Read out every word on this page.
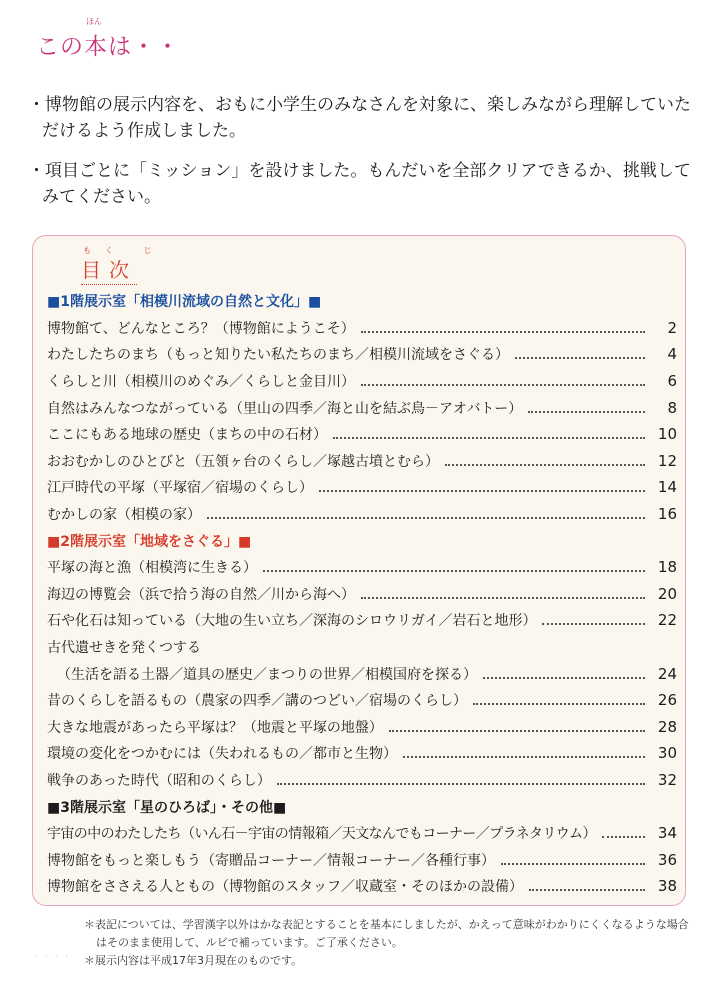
ほん
この本は・・

・博物館の展示内容を、おもに小学生のみなさんを対象に、楽しみながら理解していただけるよう作成しました。

・項目ごとに「ミッション」を設けました。もんだいを全部クリアできるか、挑戦してみてください。

もく じ
目次
■1階展示室「相模川流域の自然と文化」■
博物館て、どんなところ？（博物館にようこそ）	2
わたしたちのまち（もっと知りたい私たちのまち／相模川流域をさぐる）	4
くらしと川（相模川のめぐみ／くらしと金目川）	6
自然はみんなつながっている（里山の四季／海と山を結ぶ鳥－アオバトー）	8
ここにもある地球の歴史（まちの中の石材）	10
おおむかしのひとびと（五領ヶ台のくらし／塚越古墳とむら）	12
江戸時代の平塚（平塚宿／宿場のくらし）	14
むかしの家（相模の家）	16
■2階展示室「地域をさぐる」■
平塚の海と漁（相模湾に生きる）	18
海辺の博覧会（浜で拾う海の自然／川から海へ）	20
石や化石は知っている（大地の生い立ち／深海のシロウリガイ／岩石と地形）	22
古代遺せきを発くつする
（生活を語る土器／道具の歴史／まつりの世界／相模国府を探る）	24
昔のくらしを語るもの（農家の四季／講のつどい／宿場のくらし）	26
大きな地震があったら平塚は？（地震と平塚の地盤）	28
環境の変化をつかむには（失われるもの／都市と生物）	30
戦争のあった時代（昭和のくらし）	32
■3階展示室「星のひろば」・その他■
宇宙の中のわたしたち（いん石－宇宙の情報箱／天文なんでもコーナー／プラネタリウム）	34
博物館をもっと楽しもう（寄贈品コーナー／情報コーナー／各種行事）	36
博物館をささえる人ともの（博物館のスタッフ／収蔵室・そのほかの設備）	38
· · · ·

＊表記については、学習漢字以外はかな表記とすることを基本にしましたが、かえって意味がわかりにくくなるような場合はそのまま使用して、ルビで補っています。ご了承ください。

＊展示内容は平成17年3月現在のものです。
